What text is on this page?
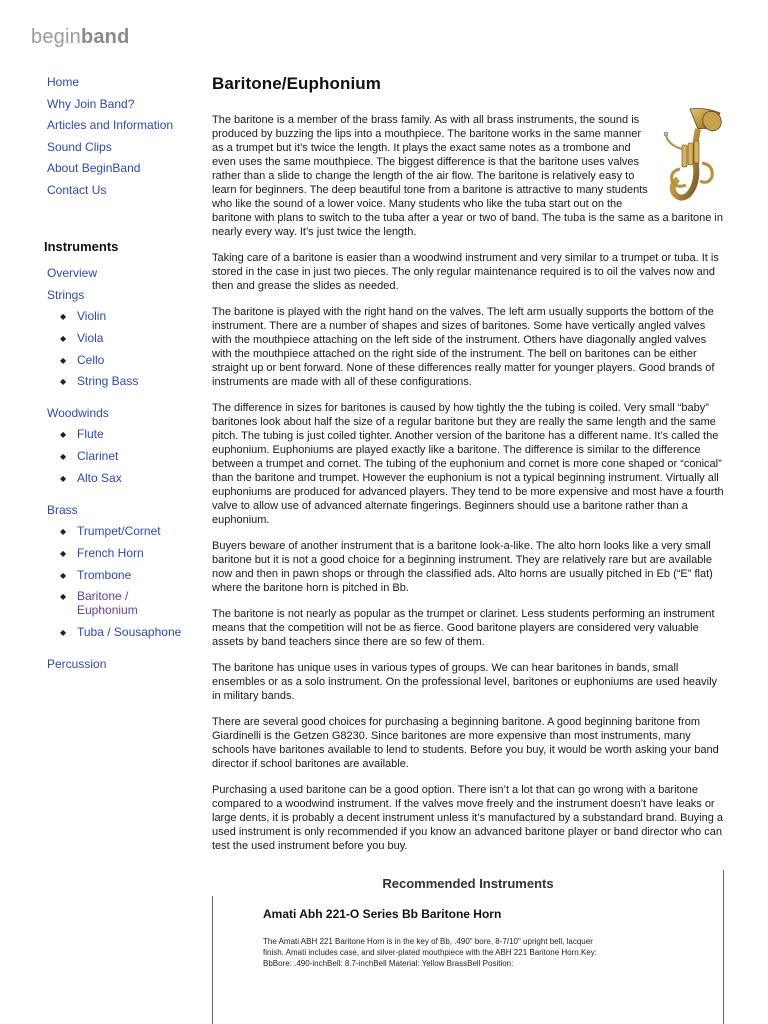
beginband
Home
Why Join Band?
Articles and Information
Sound Clips
About BeginBand
Contact Us
Instruments
Overview
Strings
◆ Violin
◆ Viola
◆ Cello
◆ String Bass
Woodwinds
◆ Flute
◆ Clarinet
◆ Alto Sax
Brass
◆ Trumpet/Cornet
◆ French Horn
◆ Trombone
◆ Baritone / Euphonium
◆ Tuba / Sousaphone
Percussion
Baritone/Euphonium

The baritone is a member of the brass family. As with all brass instruments, the sound is produced by buzzing the lips into a mouthpiece. The baritone works in the same manner as a trumpet but it’s twice the length. It plays the exact same notes as a trombone and even uses the same mouthpiece. The biggest difference is that the baritone uses valves rather than a slide to change the length of the air flow. The baritone is relatively easy to learn for beginners. The deep beautiful tone from a baritone is attractive to many students who like the sound of a lower voice. Many students who like the tuba start out on the baritone with plans to switch to the tuba after a year or two of band. The tuba is the same as a baritone in nearly every way. It’s just twice the length.

Taking care of a baritone is easier than a woodwind instrument and very similar to a trumpet or tuba. It is stored in the case in just two pieces. The only regular maintenance required is to oil the valves now and then and grease the slides as needed.

The baritone is played with the right hand on the valves. The left arm usually supports the bottom of the instrument. There are a number of shapes and sizes of baritones. Some have vertically angled valves with the mouthpiece attaching on the left side of the instrument. Others have diagonally angled valves with the mouthpiece attached on the right side of the instrument. The bell on baritones can be either straight up or bent forward. None of these differences really matter for younger players. Good brands of instruments are made with all of these configurations.

The difference in sizes for baritones is caused by how tightly the the tubing is coiled. Very small “baby” baritones look about half the size of a regular baritone but they are really the same length and the same pitch. The tubing is just coiled tighter. Another version of the baritone has a different name. It’s called the euphonium. Euphoniums are played exactly like a baritone. The difference is similar to the difference between a trumpet and cornet. The tubing of the euphonium and cornet is more cone shaped or “conical” than the baritone and trumpet. However the euphonium is not a typical beginning instrument. Virtually all euphoniums are produced for advanced players. They tend to be more expensive and most have a fourth valve to allow use of advanced alternate fingerings. Beginners should use a baritone rather than a euphonium.

Buyers beware of another instrument that is a baritone look-a-like. The alto horn looks like a very small baritone but it is not a good choice for a beginning instrument. They are relatively rare but are available now and then in pawn shops or through the classified ads. Alto horns are usually pitched in Eb (“E” flat) where the baritone horn is pitched in Bb.

The baritone is not nearly as popular as the trumpet or clarinet. Less students performing an instrument means that the competition will not be as fierce. Good baritone players are considered very valuable assets by band teachers since there are so few of them.

The baritone has unique uses in various types of groups. We can hear baritones in bands, small ensembles or as a solo instrument. On the professional level, baritones or euphoniums are used heavily in military bands.

There are several good choices for purchasing a beginning baritone. A good beginning baritone from Giardinelli is the Getzen G8230. Since baritones are more expensive than most instruments, many schools have baritones available to lend to students. Before you buy, it would be worth asking your band director if school baritones are available.

Purchasing a used baritone can be a good option. There isn’t a lot that can go wrong with a baritone compared to a woodwind instrument. If the valves move freely and the instrument doesn’t have leaks or large dents, it is probably a decent instrument unless it’s manufactured by a substandard brand. Buying a used instrument is only recommended if you know an advanced baritone player or band director who can test the used instrument before you buy.

Recommended Instruments
Amati Abh 221-O Series Bb Baritone Horn
The Amati ABH 221 Baritone Horn is in the key of Bb, .490" bore, 8-7/10" upright bell, lacquer finish. Amati includes case, and silver-plated mouthpiece with the ABH 221 Baritone Horn.Key: BbBore: .490-inchBell: 8.7-inchBell Material: Yellow BrassBell Position:
